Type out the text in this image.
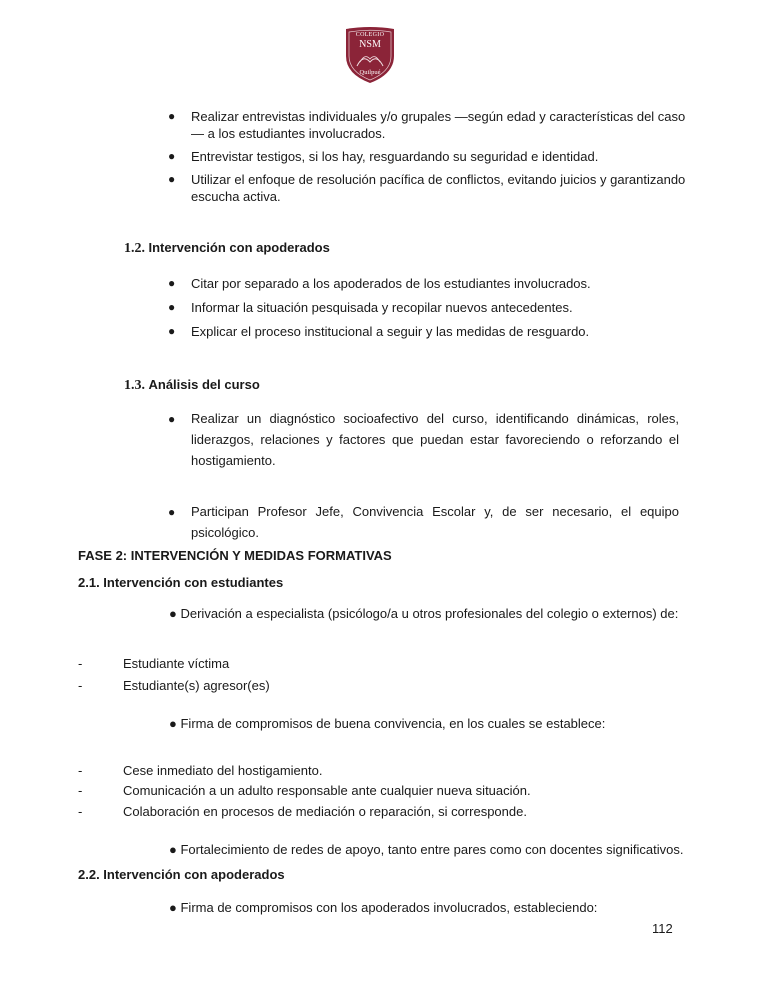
COLEGIO
NSM
Quilpué
●	Realizar entrevistas individuales y/o grupales —según edad y características del caso
— a los estudiantes involucrados.
●	Entrevistar testigos, si los hay, resguardando su seguridad e identidad.
●	Utilizar el enfoque de resolución pacífica de conflictos, evitando juicios y garantizando
escucha activa.
1.2. Intervención con apoderados
●	Citar por separado a los apoderados de los estudiantes involucrados.
●	Informar la situación pesquisada y recopilar nuevos antecedentes.
●	Explicar el proceso institucional a seguir y las medidas de resguardo.
1.3. Análisis del curso
●	Realizar un diagnóstico socioafectivo del curso, identificando dinámicas, roles, liderazgos, relaciones y factores que puedan estar favoreciendo o reforzando el hostigamiento.
●	Participan Profesor Jefe, Convivencia Escolar y, de ser necesario, el equipo psicológico.
FASE 2: INTERVENCIÓN Y MEDIDAS FORMATIVAS
2.1. Intervención con estudiantes
● Derivación a especialista (psicólogo/a u otros profesionales del colegio o externos) de:
-	Estudiante víctima
-	Estudiante(s) agresor(es)
● Firma de compromisos de buena convivencia, en los cuales se establece:
-	Cese inmediato del hostigamiento.
-	Comunicación a un adulto responsable ante cualquier nueva situación.
-	Colaboración en procesos de mediación o reparación, si corresponde.
● Fortalecimiento de redes de apoyo, tanto entre pares como con docentes significativos.
2.2. Intervención con apoderados
● Firma de compromisos con los apoderados involucrados, estableciendo:
112
